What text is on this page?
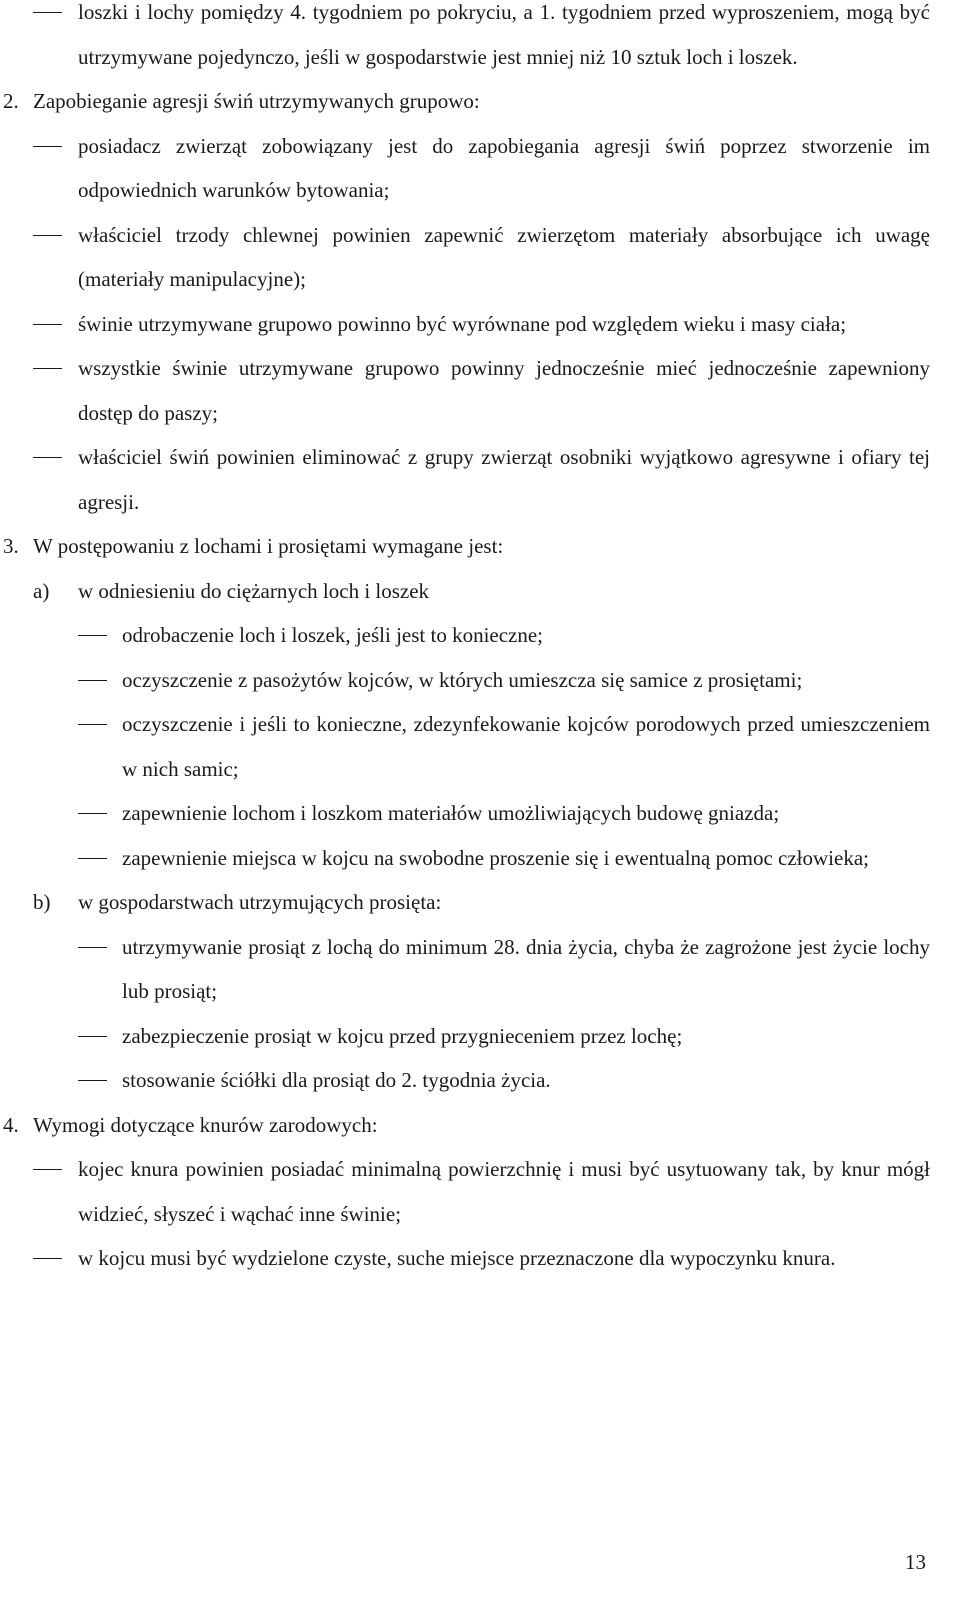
loszki i lochy pomiędzy 4. tygodniem po pokryciu, a 1. tygodniem przed wyproszeniem, mogą być utrzymywane pojedynczo, jeśli w gospodarstwie jest mniej niż 10 sztuk loch i loszek.
2. Zapobieganie agresji świń utrzymywanych grupowo:
posiadacz zwierząt zobowiązany jest do zapobiegania agresji świń poprzez stworzenie im odpowiednich warunków bytowania;
właściciel trzody chlewnej powinien zapewnić zwierzętom materiały absorbujące ich uwagę (materiały manipulacyjne);
świnie utrzymywane grupowo powinno być wyrównane pod względem wieku i masy ciała;
wszystkie świnie utrzymywane grupowo powinny jednocześnie mieć jednocześnie zapewniony dostęp do paszy;
właściciel świń powinien eliminować z grupy zwierząt osobniki wyjątkowo agresywne i ofiary tej agresji.
3. W postępowaniu z lochami i prosiętami wymagane jest:
a) w odniesieniu do ciężarnych loch i loszek
odrobaczenie loch i loszek, jeśli jest to konieczne;
oczyszczenie z pasożytów kojców, w których umieszcza się samice z prosiętami;
oczyszczenie i jeśli to konieczne, zdezynfekowanie kojców porodowych przed umieszczeniem w nich samic;
zapewnienie lochom i loszkom materiałów umożliwiających budowę gniazda;
zapewnienie miejsca w kojcu na swobodne proszenie się i ewentualną pomoc człowieka;
b) w gospodarstwach utrzymujących prosięta:
utrzymywanie prosiąt z lochą do minimum 28. dnia życia, chyba że zagrożone jest życie lochy lub prosiąt;
zabezpieczenie prosiąt w kojcu przed przygnieceniem przez lochę;
stosowanie ściółki dla prosiąt do 2. tygodnia życia.
4. Wymogi dotyczące knurów zarodowych:
kojec knura powinien posiadać minimalną powierzchnię i musi być usytuowany tak, by knur mógł widzieć, słyszeć i wąchać inne świnie;
w kojcu musi być wydzielone czyste, suche miejsce przeznaczone dla wypoczynku knura.
13
